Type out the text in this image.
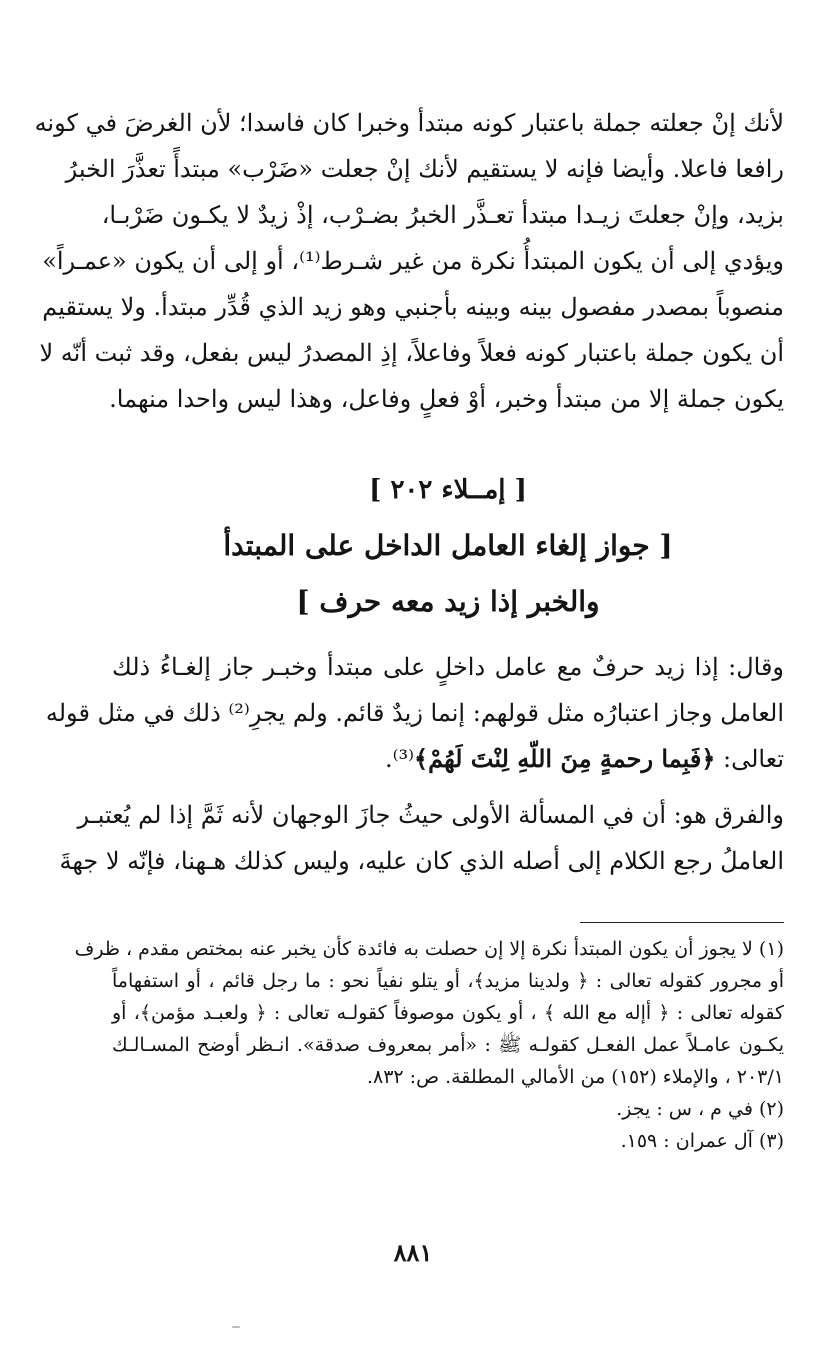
لأنك إنْ جعلته جملة باعتبار كونه مبتدأ وخبرا كان فاسدا؛ لأن الغرضَ في كونه
رافعا فاعلا. وأيضا فإنه لا يستقيم لأنك إنْ جعلت «ضَرْب» مبتدأً تعذَّرَ الخبرُ
بزيد، وإنْ جعلتَ زيـدا مبتدأ تعـذَّر الخبرُ بضـرْب، إذْ زيدٌ لا يكـون ضَرْبـا،
ويؤدي إلى أن يكون المبتدأُ نكرة من غير شـرط⁽¹⁾، أو إلى أن يكون «عمـراً»
منصوباً بمصدر مفصول بينه وبينه بأجنبي وهو زيد الذي قُدِّر مبتدأ. ولا يستقيم
أن يكون جملة باعتبار كونه فعلاً وفاعلاً، إذِ المصدرُ ليس بفعل، وقد ثبت أنّه لا
يكون جملة إلا من مبتدأ وخبر، أوْ فعلٍ وفاعل، وهذا ليس واحدا منهما.

[ إمــلاء ٢٠٢ ]
[ جواز إلغاء العامل الداخل على المبتدأ
والخبر إذا زيد معه حرف ]

وقال: إذا زيد حرفٌ مع عامل داخلٍ على مبتدأ وخبـر جاز إلغـاءُ ذلك
العامل وجاز اعتبارُه مثل قولهم: إنما زيدٌ قائم. ولم يجرِ⁽²⁾ ذلك في مثل قوله
تعالى: ﴿فَبِما رحمةٍ مِنَ اللّهِ لِنْتَ لَهُمْ﴾⁽³⁾.

والفرق هو: أن في المسألة الأولى حيثُ جازَ الوجهان لأنه ثَمَّ إذا لم يُعتبـر
العاملُ رجع الكلام إلى أصله الذي كان عليه، وليس كذلك هـهنا، فإنّه لا جهةَ

(١) لا يجوز أن يكون المبتدأ نكرة إلا إن حصلت به فائدة كأن يخبر عنه بمختص مقدم ، ظرف
أو مجرور كقوله تعالى : ﴿ ولدينا مزيد﴾، أو يتلو نفياً نحو : ما رجل قائم ، أو استفهاماً
كقوله تعالى : ﴿ أإله مع الله ﴾ ، أو يكون موصوفاً كقولـه تعالى : ﴿ ولعبـد مؤمن﴾، أو
يكـون عامـلاً عمل الفعـل كقولـه ﷺ : «أمر بمعروف صدقة». انـظر أوضح المسـالـك
٢٠٣/١ ، والإملاء (١٥٢) من الأمالي المطلقة. ص: ٨٣٢.

(٢) في م ، س : يجز.

(٣) آل عمران : ١٥٩.

٨٨١
